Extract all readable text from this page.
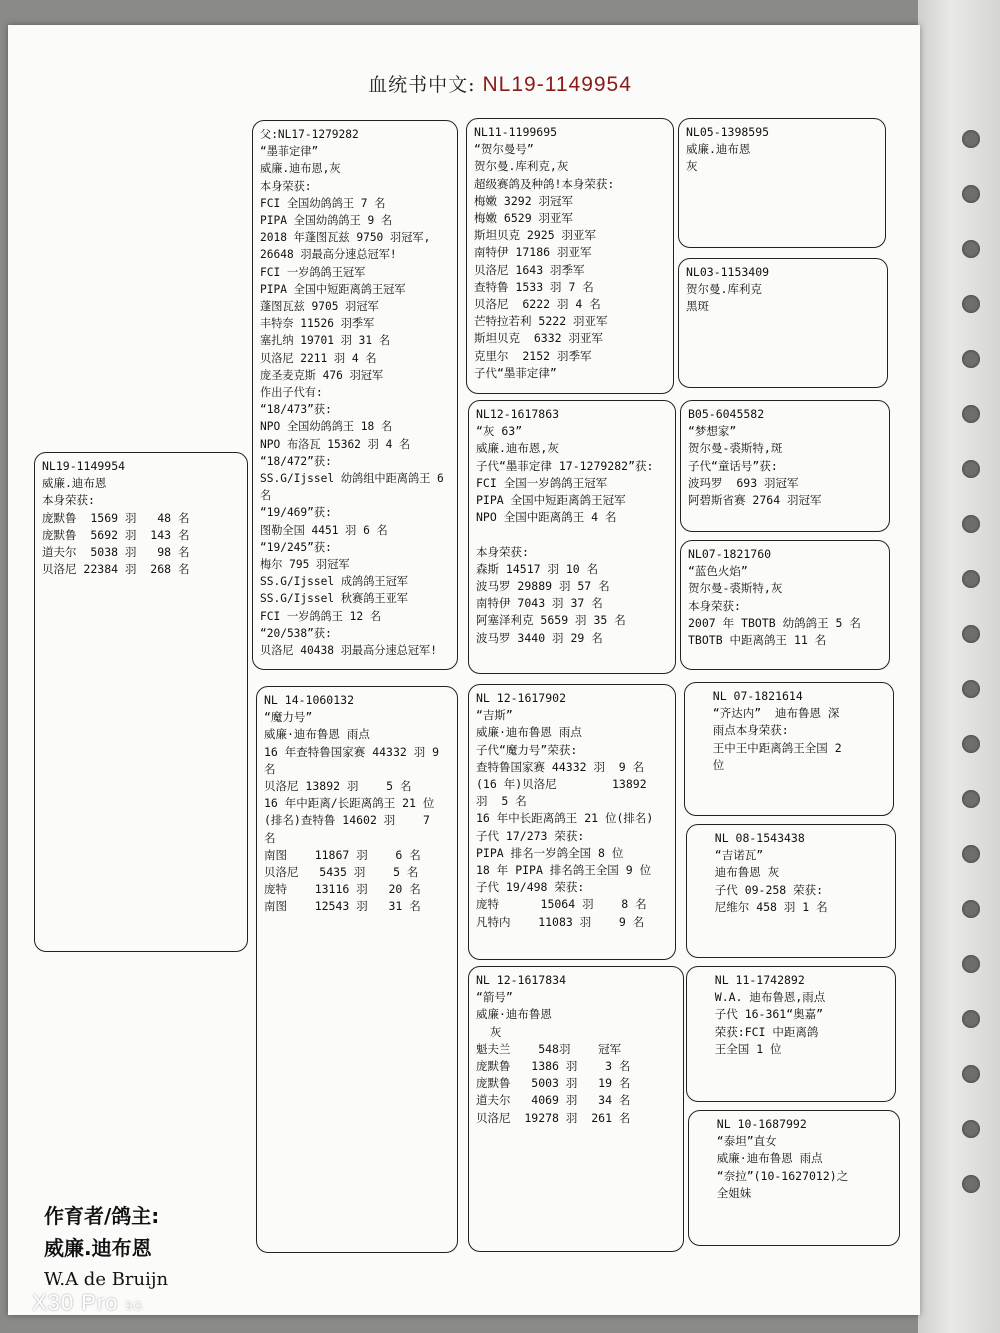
血统书中文: NL19-1149954
NL19-1149954
威廉.迪布恩
本身荣获:
庞默鲁  1569 羽   48 名
庞默鲁  5692 羽  143 名
道夫尔  5038 羽   98 名
贝洛尼 22384 羽  268 名
父:NL17-1279282
“墨菲定律”
威廉.迪布恩,灰
本身荣获:
FCI 全国幼鸽鸽王 7 名
PIPA 全国幼鸽鸽王 9 名
2018 年蓬图瓦兹 9750 羽冠军,
26648 羽最高分速总冠军!
FCI 一岁鸽鸽王冠军
PIPA 全国中短距离鸽王冠军
蓬图瓦兹 9705 羽冠军
丰特奈 11526 羽季军
塞扎纳 19701 羽 31 名
贝洛尼 2211 羽 4 名
庞圣麦克斯 476 羽冠军
作出子代有:
“18/473”获:
NPO 全国幼鸽鸽王 18 名
NPO 布洛瓦 15362 羽 4 名
“18/472”获:
SS.G/Ijssel 幼鸽组中距离鸽王 6
名
“19/469”获:
图勒全国 4451 羽 6 名
“19/245”获:
梅尔 795 羽冠军
SS.G/Ijssel 成鸽鸽王冠军
SS.G/Ijssel 秋赛鸽王亚军
FCI 一岁鸽鸽王 12 名
“20/538”获:
贝洛尼 40438 羽最高分速总冠军!
NL 14-1060132
“魔力号”
威廉·迪布鲁恩 雨点
16 年查特鲁国家赛 44332 羽 9
名
贝洛尼 13892 羽    5 名
16 年中距离/长距离鸽王 21 位
(排名)查特鲁 14602 羽    7
名
南图    11867 羽    6 名
贝洛尼   5435 羽    5 名
庞特    13116 羽   20 名
南图    12543 羽   31 名
NL11-1199695
“贺尔曼号”
贺尔曼.库利克,灰
超级赛鸽及种鸽!本身荣获:
梅嫩 3292 羽冠军
梅嫩 6529 羽亚军
斯坦贝克 2925 羽亚军
南特伊 17186 羽亚军
贝洛尼 1643 羽季军
查特鲁 1533 羽 7 名
贝洛尼  6222 羽 4 名
芒特拉若利 5222 羽亚军
斯坦贝克  6332 羽亚军
克里尔  2152 羽季军
子代“墨菲定律”
NL12-1617863
“灰 63”
威廉.迪布恩,灰
子代“墨菲定律 17-1279282”获:
FCI 全国一岁鸽鸽王冠军
PIPA 全国中短距离鸽王冠军
NPO 全国中距离鸽王 4 名

本身荣获:
森斯 14517 羽 10 名
波马罗 29889 羽 57 名
南特伊 7043 羽 37 名
阿塞泽利克 5659 羽 35 名
波马罗 3440 羽 29 名
NL 12-1617902
“吉斯”
威廉·迪布鲁恩 雨点
子代“魔力号”荣获:
查特鲁国家赛 44332 羽  9 名
(16 年)贝洛尼        13892
羽  5 名
16 年中长距离鸽王 21 位(排名)
子代 17/273 荣获:
PIPA 排名一岁鸽全国 8 位
18 年 PIPA 排名鸽王全国 9 位
子代 19/498 荣获:
庞特      15064 羽    8 名
凡特内    11083 羽    9 名
NL 12-1617834
“箭号”
威廉·迪布鲁恩
灰
魁夫兰    548羽    冠军
庞默鲁   1386 羽    3 名
庞默鲁   5003 羽   19 名
道夫尔   4069 羽   34 名
贝洛尼  19278 羽  261 名
NL05-1398595
威廉.迪布恩
灰
NL03-1153409
贺尔曼.库利克
黑斑
B05-6045582
“梦想家”
贺尔曼-裘斯特,斑
子代“童话号”获:
波玛罗  693 羽冠军
阿碧斯省赛 2764 羽冠军
NL07-1821760
“蓝色火焰”
贺尔曼-裘斯特,灰
本身荣获:
2007 年 TBOTB 幼鸽鸽王 5 名
TBOTB 中距离鸽王 11 名
NL 07-1821614
“齐达内”  迪布鲁恩 深
雨点本身荣获:
王中王中距离鸽王全国 2
位
NL 08-1543438
“吉诺瓦”
迪布鲁恩 灰
子代 09-258 荣获:
尼维尔 458 羽 1 名
NL 11-1742892
W.A. 迪布鲁恩,雨点
子代 16-361“奥嘉”
荣获:FCI 中距离鸽
王全国 1 位
NL 10-1687992
“泰坦”直女
威廉·迪布鲁恩 雨点
“奈拉”(10-1627012)之
全姐妹
作育者/鸽主:
威廉.迪布恩
W.A de Bruijn
X30 Pro 5G
